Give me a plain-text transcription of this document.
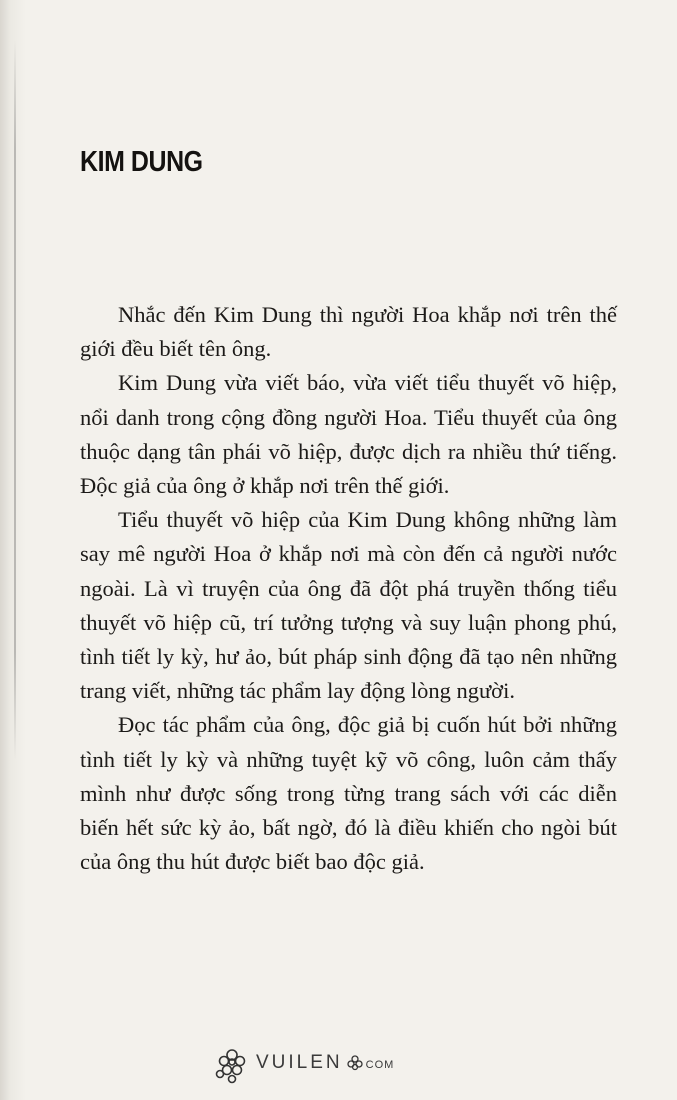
KIM DUNG

Nhắc đến Kim Dung thì người Hoa khắp nơi trên thế giới đều biết tên ông.

Kim Dung vừa viết báo, vừa viết tiểu thuyết võ hiệp, nổi danh trong cộng đồng người Hoa. Tiểu thuyết của ông thuộc dạng tân phái võ hiệp, được dịch ra nhiều thứ tiếng. Độc giả của ông ở khắp nơi trên thế giới.

Tiểu thuyết võ hiệp của Kim Dung không những làm say mê người Hoa ở khắp nơi mà còn đến cả người nước ngoài. Là vì truyện của ông đã đột phá truyền thống tiểu thuyết võ hiệp cũ, trí tưởng tượng và suy luận phong phú, tình tiết ly kỳ, hư ảo, bút pháp sinh động đã tạo nên những trang viết, những tác phẩm lay động lòng người.

Đọc tác phẩm của ông, độc giả bị cuốn hút bởi những tình tiết ly kỳ và những tuyệt kỹ võ công, luôn cảm thấy mình như được sống trong từng trang sách với các diễn biến hết sức kỳ ảo, bất ngờ, đó là điều khiến cho ngòi bút của ông thu hút được biết bao độc giả.

VUILEN COM
